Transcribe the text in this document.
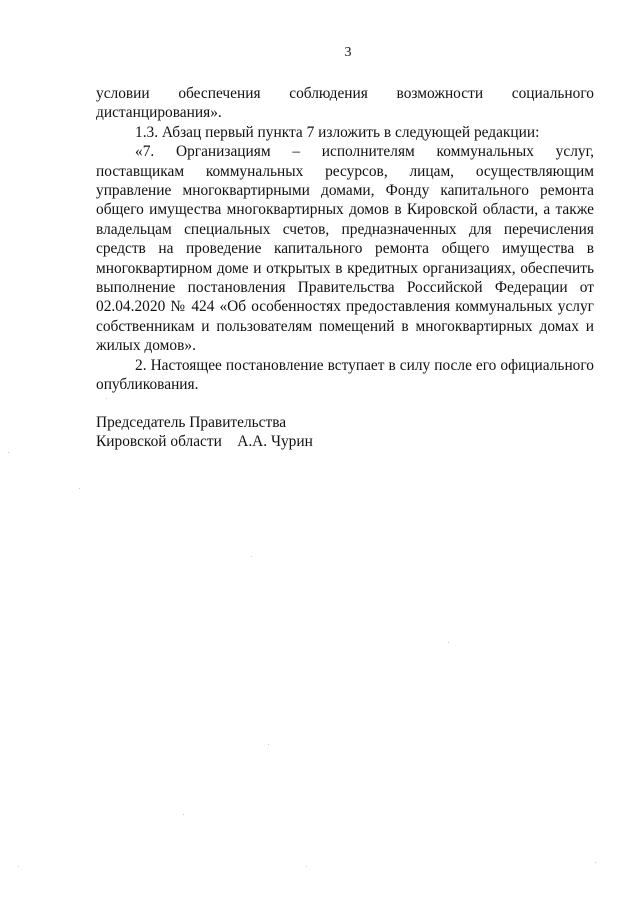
3

условии обеспечения соблюдения возможности социального

дистанцирования».

1.3. Абзац первый пункта 7 изложить в следующей редакции:

«7. Организациям – исполнителям коммунальных услуг, поставщикам коммунальных ресурсов, лицам, осуществляющим управление многоквартирными домами, Фонду капитального ремонта общего имущества многоквартирных домов в Кировской области, а также владельцам специальных счетов, предназначенных для перечисления средств на проведение капитального ремонта общего имущества в многоквартирном доме и открытых в кредитных организациях, обеспечить выполнение постановления Правительства Российской Федерации от 02.04.2020 № 424 «Об особенностях предоставления коммунальных услуг собственникам и пользователям помещений в многоквартирных домах и жилых домов».

2. Настоящее постановление вступает в силу после его официального опубликования.

Председатель Правительства
Кировской области    А.А. Чурин
